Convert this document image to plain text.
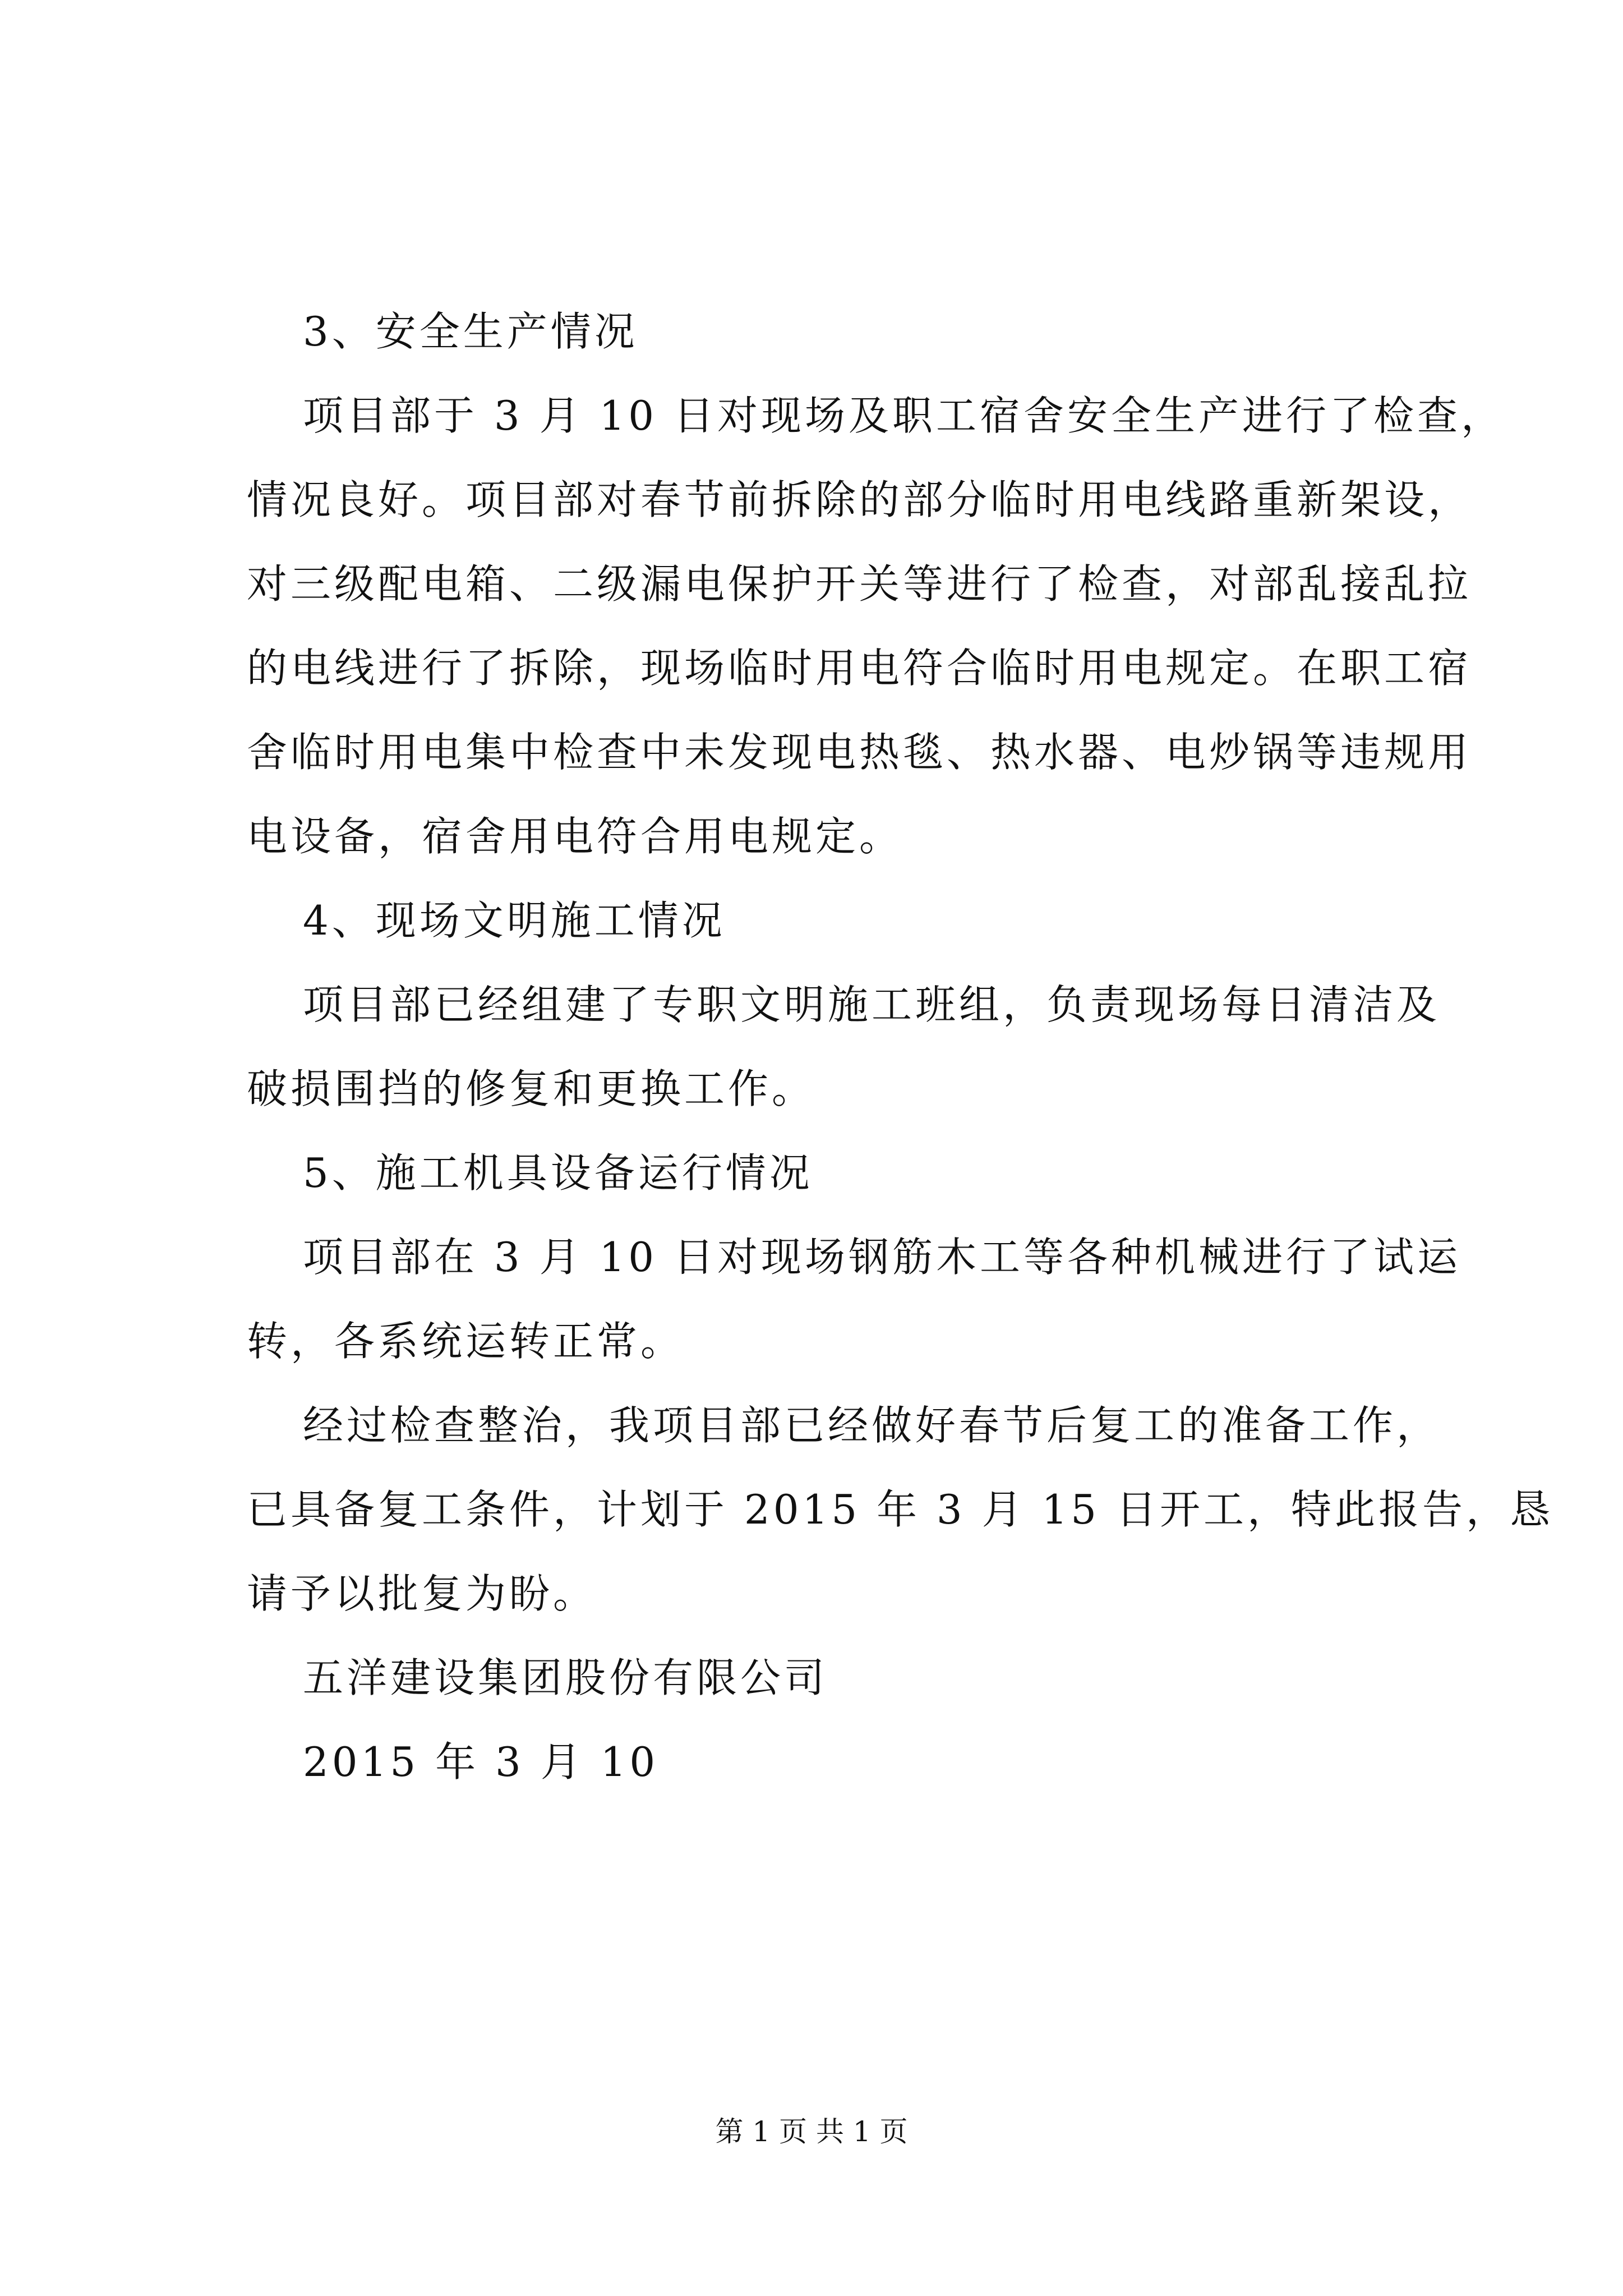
3、安全生产情况
项目部于 3 月 10 日对现场及职工宿舍安全生产进行了检查，
情况良好。项目部对春节前拆除的部分临时用电线路重新架设，
对三级配电箱、二级漏电保护开关等进行了检查，对部乱接乱拉
的电线进行了拆除，现场临时用电符合临时用电规定。在职工宿
舍临时用电集中检查中未发现电热毯、热水器、电炒锅等违规用
电设备，宿舍用电符合用电规定。
4、现场文明施工情况
项目部已经组建了专职文明施工班组，负责现场每日清洁及
破损围挡的修复和更换工作。
5、施工机具设备运行情况
项目部在 3 月 10 日对现场钢筋木工等各种机械进行了试运
转，各系统运转正常。
经过检查整治，我项目部已经做好春节后复工的准备工作，
已具备复工条件，计划于 2015 年 3 月 15 日开工，特此报告，恳
请予以批复为盼。
五洋建设集团股份有限公司
2015 年 3 月 10
第 1 页 共 1 页
